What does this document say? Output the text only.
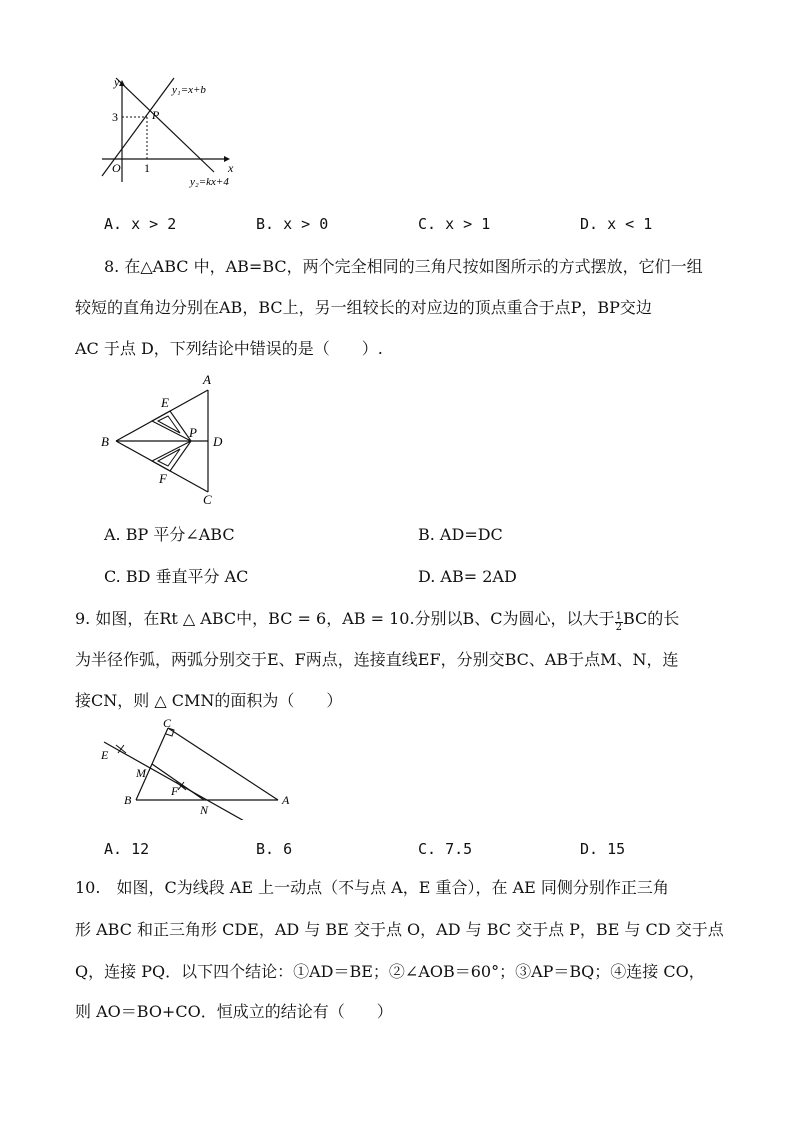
y
x
O
P
3
1
y₁=x+b
y₂=kx+4
A. x > 2	B. x > 0	C. x > 1	D. x < 1
8. 在△ABC 中，AB=BC，两个完全相同的三角尺按如图所示的方式摆放，它们一组
较短的直角边分别在AB，BC上，另一组较长的对应边的顶点重合于点P，BP交边
AC 于点 D，下列结论中错误的是（　　）.
A
B
C
D
E
F
P
A. BP 平分∠ABC	B. AD=DC
C. BD 垂直平分 AC	D. AB= 2AD
9. 如图，在Rt △ ABC中，BC = 6，AB = 10.分别以B、C为圆心，以大于 $\frac{1}{2}$ BC的长
为半径作弧，两弧分别交于E、F两点，连接直线EF，分别交BC、AB于点M、N，连
接CN，则 △ CMN的面积为（　　）
C
B	A
E
M
F
N
A. 12	B. 6	C. 7.5	D. 15
10.　如图，C为线段 AE 上一动点（不与点 A，E 重合），在 AE 同侧分别作正三角
形 ABC 和正三角形 CDE，AD 与 BE 交于点 O，AD 与 BC 交于点 P，BE 与 CD 交于点
Q，连接 PQ．以下四个结论：①AD＝BE；②∠AOB＝60°；③AP＝BQ；④连接 CO，
则 AO＝BO+CO．恒成立的结论有（　　）
